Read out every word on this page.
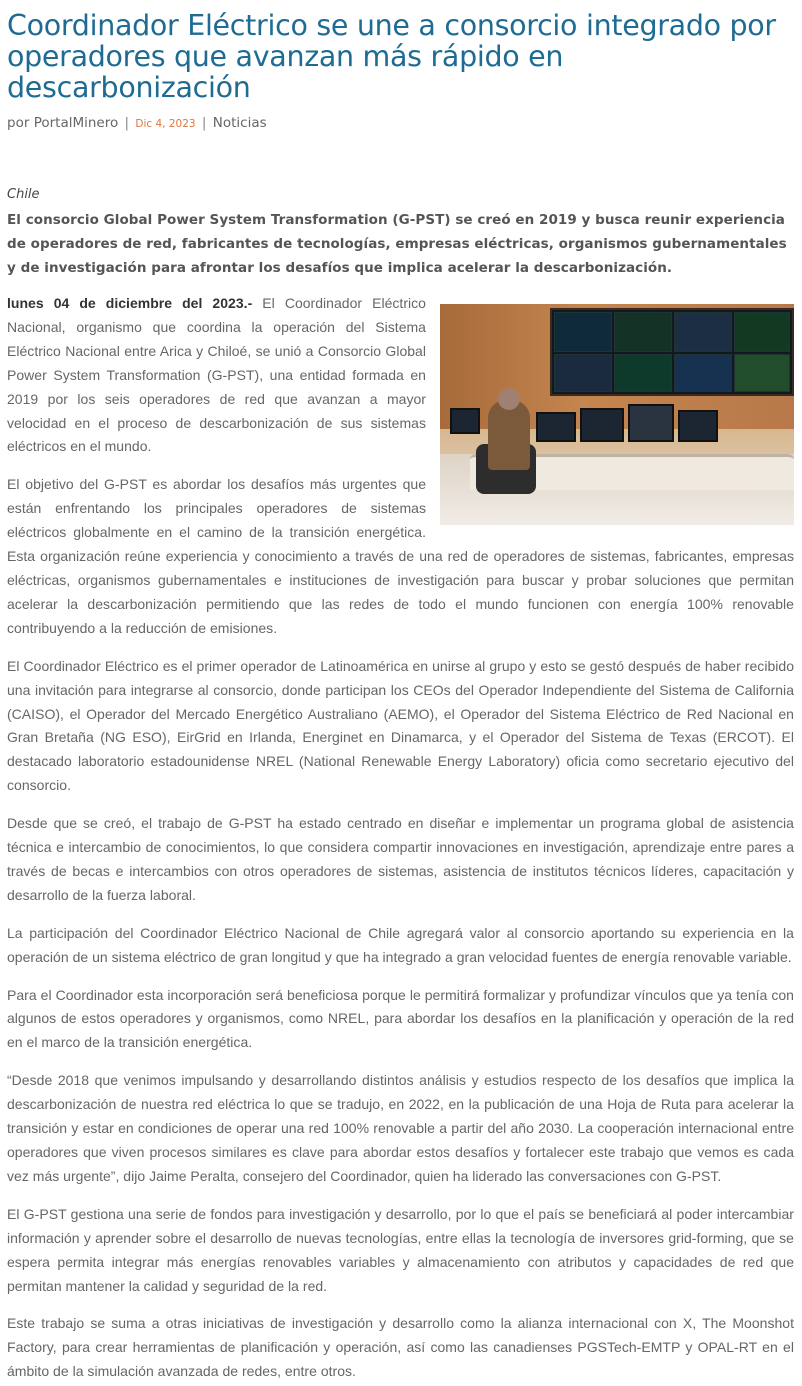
Coordinador Eléctrico se une a consorcio integrado por operadores que avanzan más rápido en descarbonización
por PortalMinero | Dic 4, 2023 | Noticias
Chile
El consorcio Global Power System Transformation (G-PST) se creó en 2019 y busca reunir experiencia de operadores de red, fabricantes de tecnologías, empresas eléctricas, organismos gubernamentales y de investigación para afrontar los desafíos que implica acelerar la descarbonización.

lunes 04 de diciembre del 2023.- El Coordinador Eléctrico Nacional, organismo que coordina la operación del Sistema Eléctrico Nacional entre Arica y Chiloé, se unió a Consorcio Global Power System Transformation (G-PST), una entidad formada en 2019 por los seis operadores de red que avanzan a mayor velocidad en el proceso de descarbonización de sus sistemas eléctricos en el mundo.

El objetivo del G-PST es abordar los desafíos más urgentes que están enfrentando los principales operadores de sistemas eléctricos globalmente en el camino de la transición energética. Esta organización reúne experiencia y conocimiento a través de una red de operadores de sistemas, fabricantes, empresas eléctricas, organismos gubernamentales e instituciones de investigación para buscar y probar soluciones que permitan acelerar la descarbonización permitiendo que las redes de todo el mundo funcionen con energía 100% renovable contribuyendo a la reducción de emisiones.

El Coordinador Eléctrico es el primer operador de Latinoamérica en unirse al grupo y esto se gestó después de haber recibido una invitación para integrarse al consorcio, donde participan los CEOs del Operador Independiente del Sistema de California (CAISO), el Operador del Mercado Energético Australiano (AEMO), el Operador del Sistema Eléctrico de Red Nacional en Gran Bretaña (NG ESO), EirGrid en Irlanda, Energinet en Dinamarca, y el Operador del Sistema de Texas (ERCOT). El destacado laboratorio estadounidense NREL (National Renewable Energy Laboratory) oficia como secretario ejecutivo del consorcio.

Desde que se creó, el trabajo de G-PST ha estado centrado en diseñar e implementar un programa global de asistencia técnica e intercambio de conocimientos, lo que considera compartir innovaciones en investigación, aprendizaje entre pares a través de becas e intercambios con otros operadores de sistemas, asistencia de institutos técnicos líderes, capacitación y desarrollo de la fuerza laboral.

La participación del Coordinador Eléctrico Nacional de Chile agregará valor al consorcio aportando su experiencia en la operación de un sistema eléctrico de gran longitud y que ha integrado a gran velocidad fuentes de energía renovable variable.

Para el Coordinador esta incorporación será beneficiosa porque le permitirá formalizar y profundizar vínculos que ya tenía con algunos de estos operadores y organismos, como NREL, para abordar los desafíos en la planificación y operación de la red en el marco de la transición energética.

“Desde 2018 que venimos impulsando y desarrollando distintos análisis y estudios respecto de los desafíos que implica la descarbonización de nuestra red eléctrica lo que se tradujo, en 2022, en la publicación de una Hoja de Ruta para acelerar la transición y estar en condiciones de operar una red 100% renovable a partir del año 2030. La cooperación internacional entre operadores que viven procesos similares es clave para abordar estos desafíos y fortalecer este trabajo que vemos es cada vez más urgente”, dijo Jaime Peralta, consejero del Coordinador, quien ha liderado las conversaciones con G-PST.

El G-PST gestiona una serie de fondos para investigación y desarrollo, por lo que el país se beneficiará al poder intercambiar información y aprender sobre el desarrollo de nuevas tecnologías, entre ellas la tecnología de inversores grid-forming, que se espera permita integrar más energías renovables variables y almacenamiento con atributos y capacidades de red que permitan mantener la calidad y seguridad de la red.

Este trabajo se suma a otras iniciativas de investigación y desarrollo como la alianza internacional con X, The Moonshot Factory, para crear herramientas de planificación y operación, así como las canadienses PGSTech-EMTP y OPAL-RT en el ámbito de la simulación avanzada de redes, entre otros.
